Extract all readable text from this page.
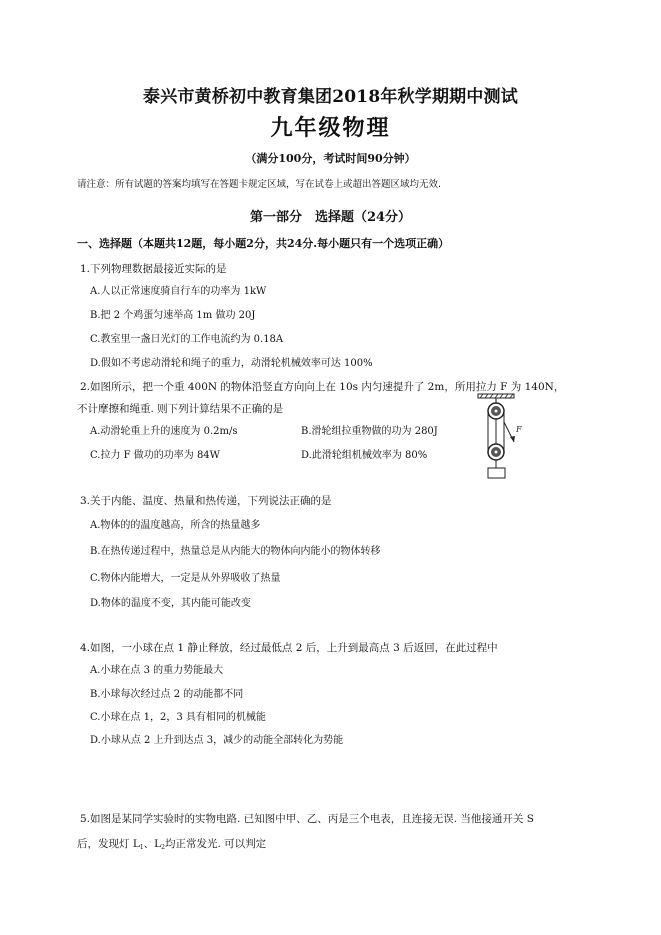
泰兴市黄桥初中教育集团2018年秋学期期中测试
九年级物理
（满分100分，考试时间90分钟）
请注意：所有试题的答案均填写在答题卡规定区域，写在试卷上或超出答题区域均无效.
第一部分　选择题（24分）
一、选择题（本题共12题，每小题2分，共24分.每小题只有一个选项正确）
1.下列物理数据最接近实际的是
A.人以正常速度骑自行车的功率为 1kW
B.把 2 个鸡蛋匀速举高 1m 做功 20J
C.教室里一盏日光灯的工作电流约为 0.18A
D.假如不考虑动滑轮和绳子的重力，动滑轮机械效率可达 100%
2.如图所示，把一个重 400N 的物体沿竖直方向向上在 10s 内匀速提升了 2m，所用拉力 F 为 140N，
不计摩擦和绳重. 则下列计算结果不正确的是
A.动滑轮重上升的速度为 0.2m/s	B.滑轮组拉重物做的功为 280J
C.拉力 F 做功的功率为 84W	D.此滑轮组机械效率为 80%
F
3.关于内能、温度、热量和热传递，下列说法正确的是
A.物体的的温度越高，所含的热量越多
B.在热传递过程中，热量总是从内能大的物体向内能小的物体转移
C.物体内能增大，一定是从外界吸收了热量
D.物体的温度不变，其内能可能改变
4.如图，一小球在点 1 静止释放，经过最低点 2 后，上升到最高点 3 后返回，在此过程中
A.小球在点 3 的重力势能最大
B.小球每次经过点 2 的动能都不同
C.小球在点 1，2，3 具有相同的机械能
D.小球从点 2 上升到达点 3，减少的动能全部转化为势能
5.如图是某同学实验时的实物电路. 已知图中甲、乙、丙是三个电表，且连接无误. 当他接通开关 S
后，发现灯 $L_1$、$L_2$均正常发光. 可以判定
